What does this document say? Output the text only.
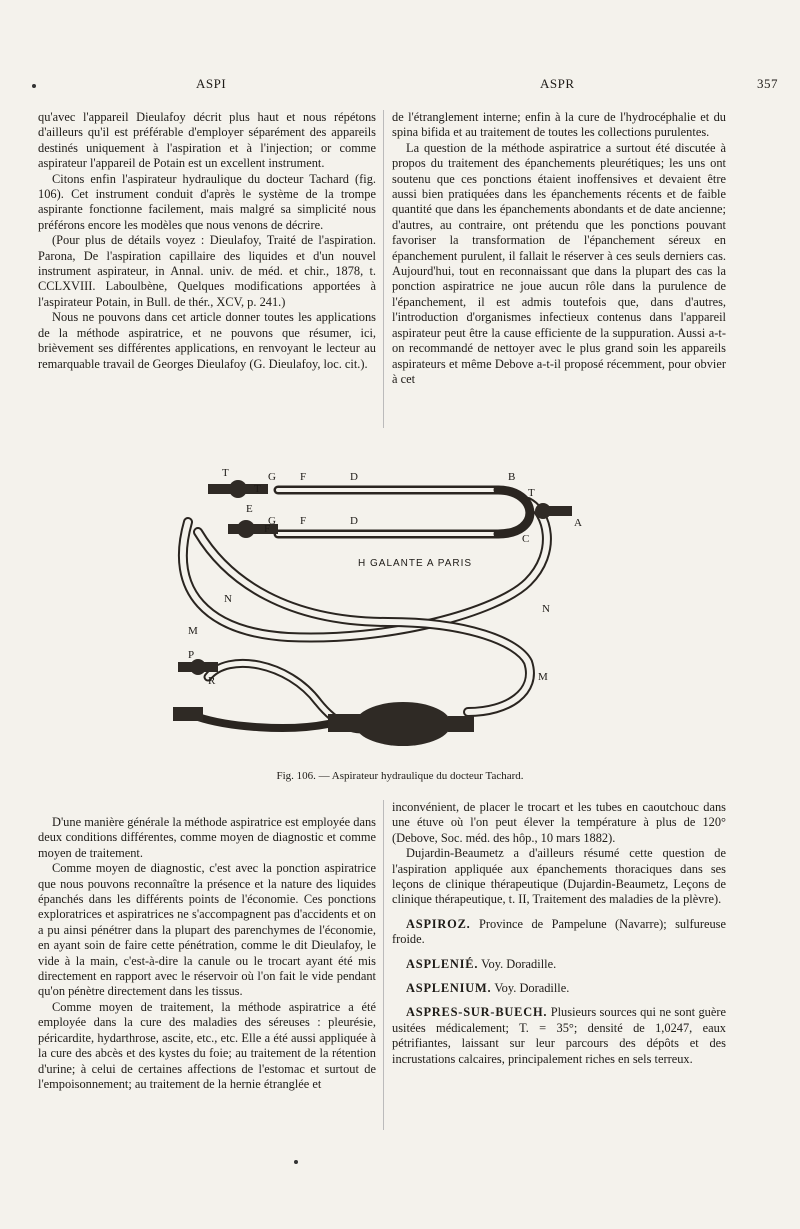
ASPI	ASPR	357

qu'avec l'appareil Dieulafoy décrit plus haut et nous répétons d'ailleurs qu'il est préférable d'employer séparément des appareils destinés uniquement à l'aspiration et à l'injection; or comme aspirateur l'appareil de Potain est un excellent instrument.

Citons enfin l'aspirateur hydraulique du docteur Tachard (fig. 106). Cet instrument conduit d'après le système de la trompe aspirante fonctionne facilement, mais malgré sa simplicité nous préférons encore les modèles que nous venons de décrire.

(Pour plus de détails voyez : Dieulafoy, Traité de l'aspiration. Parona, De l'aspiration capillaire des liquides et d'un nouvel instrument aspirateur, in Annal. univ. de méd. et chir., 1878, t. CCLXVIII. Laboulbène, Quelques modifications apportées à l'aspirateur Potain, in Bull. de thér., XCV, p. 241.)

Nous ne pouvons dans cet article donner toutes les applications de la méthode aspiratrice, et ne pouvons que résumer, ici, brièvement ses différentes applications, en renvoyant le lecteur au remarquable travail de Georges Dieulafoy (G. Dieulafoy, loc. cit.).

de l'étranglement interne; enfin à la cure de l'hydrocéphalie et du spina bifida et au traitement de toutes les collections purulentes.

La question de la méthode aspiratrice a surtout été discutée à propos du traitement des épanchements pleurétiques; les uns ont soutenu que ces ponctions étaient inoffensives et devaient être aussi bien pratiquées dans les épanchements récents et de faible quantité que dans les épanchements abondants et de date ancienne; d'autres, au contraire, ont prétendu que les ponctions pouvant favoriser la transformation de l'épanchement séreux en épanchement purulent, il fallait le réserver à ces seuls derniers cas. Aujourd'hui, tout en reconnaissant que dans la plupart des cas la ponction aspiratrice ne joue aucun rôle dans la purulence de l'épanchement, il est admis toutefois que, dans d'autres, l'introduction d'organismes infectieux contenus dans l'appareil aspirateur peut être la cause efficiente de la suppuration. Aussi a-t-on recommandé de nettoyer avec le plus grand soin les appareils aspirateurs et même Debove a-t-il proposé récemment, pour obvier à cet

T
T
E
F
D
D
F
F
G
G
B
T
A
C
N
N
M
M
P
R
H GALANTE A PARIS
Fig. 106. — Aspirateur hydraulique du docteur Tachard.

D'une manière générale la méthode aspiratrice est employée dans deux conditions différentes, comme moyen de diagnostic et comme moyen de traitement.

Comme moyen de diagnostic, c'est avec la ponction aspiratrice que nous pouvons reconnaître la présence et la nature des liquides épanchés dans les différents points de l'économie. Ces ponctions exploratrices et aspiratrices ne s'accompagnent pas d'accidents et on a pu ainsi pénétrer dans la plupart des parenchymes de l'économie, en ayant soin de faire cette pénétration, comme le dit Dieulafoy, le vide à la main, c'est-à-dire la canule ou le trocart ayant été mis directement en rapport avec le réservoir où l'on fait le vide pendant qu'on pénètre directement dans les tissus.

Comme moyen de traitement, la méthode aspiratrice a été employée dans la cure des maladies des séreuses : pleurésie, péricardite, hydarthrose, ascite, etc., etc. Elle a été aussi appliquée à la cure des abcès et des kystes du foie; au traitement de la rétention d'urine; à celui de certaines affections de l'estomac et surtout de l'empoisonnement; au traitement de la hernie étranglée et

inconvénient, de placer le trocart et les tubes en caoutchouc dans une étuve où l'on peut élever la température à plus de 120° (Debove, Soc. méd. des hôp., 10 mars 1882).

Dujardin-Beaumetz a d'ailleurs résumé cette question de l'aspiration appliquée aux épanchements thoraciques dans ses leçons de clinique thérapeutique (Dujardin-Beaumetz, Leçons de clinique thérapeutique, t. II, Traitement des maladies de la plèvre).

ASPIROZ. Province de Pampelune (Navarre); sulfureuse froide.

ASPLENIÉ. Voy. Doradille.

ASPLENIUM. Voy. Doradille.

ASPRES-SUR-BUECH. Plusieurs sources qui ne sont guère usitées médicalement; T. = 35°; densité de 1,0247, eaux pétrifiantes, laissant sur leur parcours des dépôts et des incrustations calcaires, principalement riches en sels terreux.
